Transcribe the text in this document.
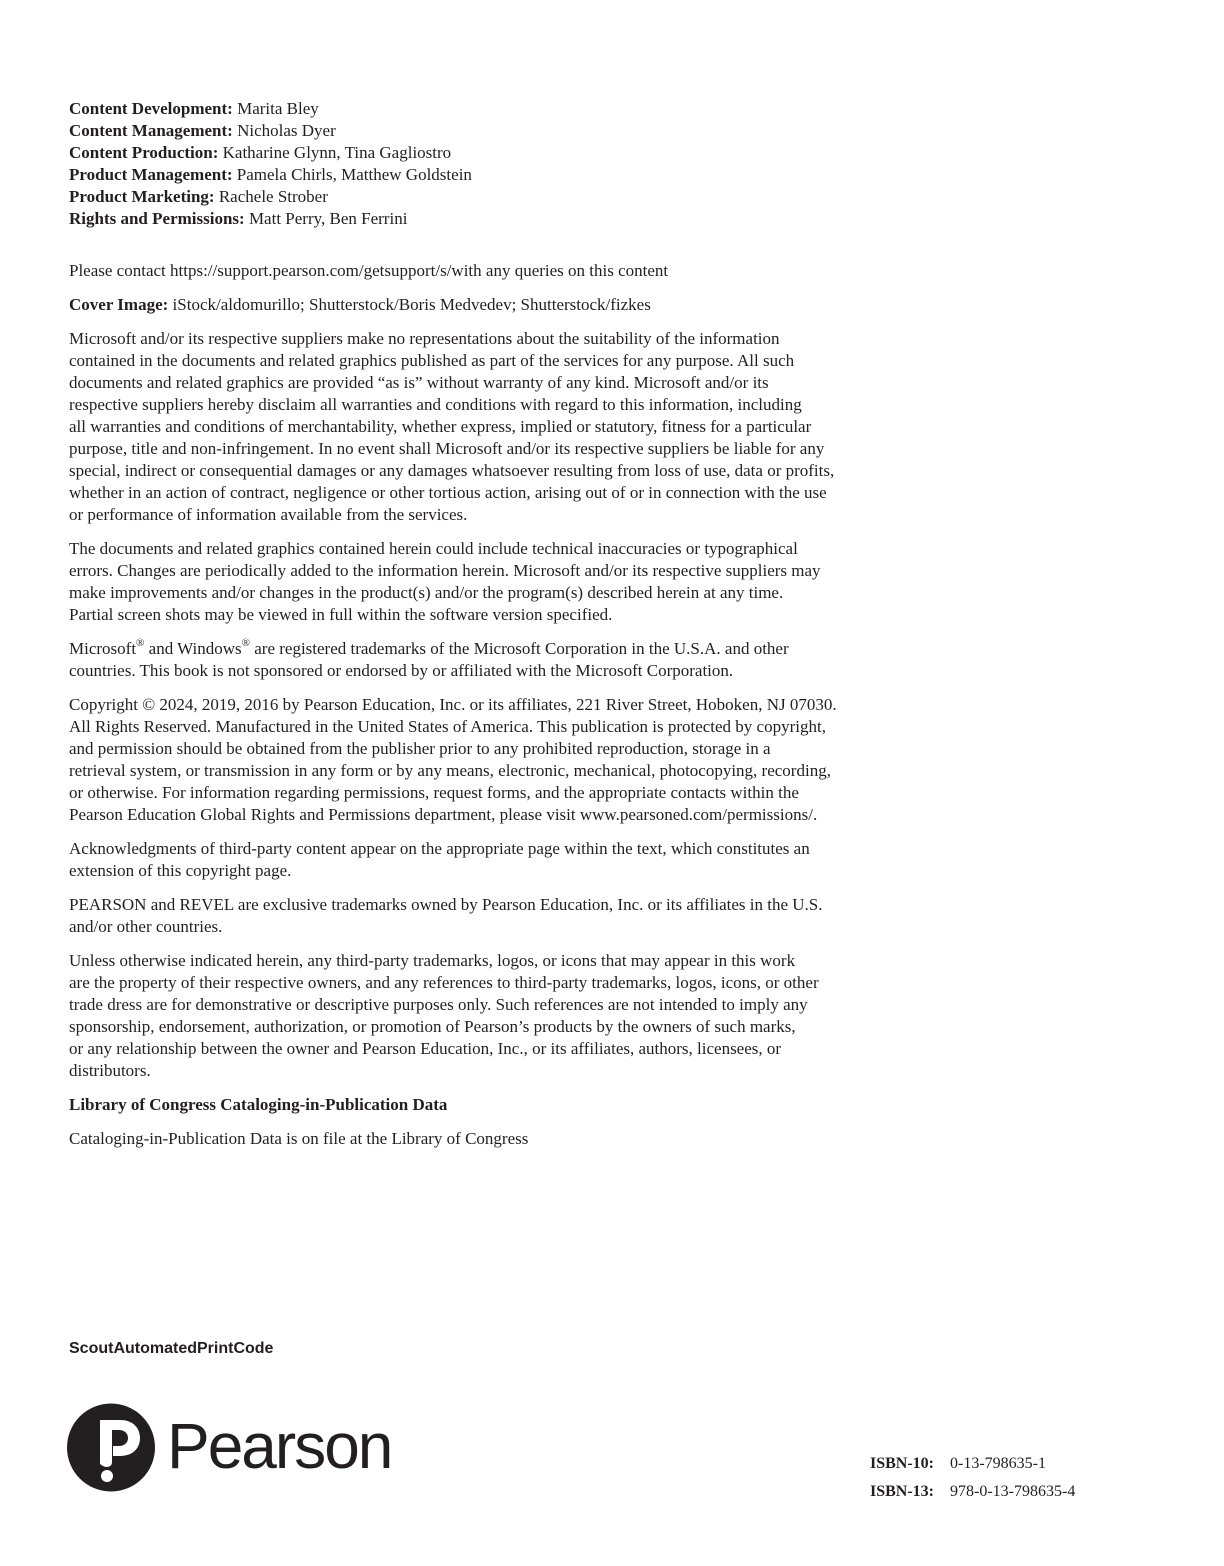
Content Development: Marita Bley
Content Management: Nicholas Dyer
Content Production: Katharine Glynn, Tina Gagliostro
Product Management: Pamela Chirls, Matthew Goldstein
Product Marketing: Rachele Strober
Rights and Permissions: Matt Perry, Ben Ferrini

Please contact https://support.pearson.com/getsupport/s/with any queries on this content

Cover Image: iStock/aldomurillo; Shutterstock/Boris Medvedev; Shutterstock/fizkes

Microsoft and/or its respective suppliers make no representations about the suitability of the information
contained in the documents and related graphics published as part of the services for any purpose. All such
documents and related graphics are provided “as is” without warranty of any kind. Microsoft and/or its
respective suppliers hereby disclaim all warranties and conditions with regard to this information, including
all warranties and conditions of merchantability, whether express, implied or statutory, fitness for a particular
purpose, title and non-infringement. In no event shall Microsoft and/or its respective suppliers be liable for any
special, indirect or consequential damages or any damages whatsoever resulting from loss of use, data or profits,
whether in an action of contract, negligence or other tortious action, arising out of or in connection with the use
or performance of information available from the services.

The documents and related graphics contained herein could include technical inaccuracies or typographical
errors. Changes are periodically added to the information herein. Microsoft and/or its respective suppliers may
make improvements and/or changes in the product(s) and/or the program(s) described herein at any time.
Partial screen shots may be viewed in full within the software version specified.

Microsoft® and Windows® are registered trademarks of the Microsoft Corporation in the U.S.A. and other
countries. This book is not sponsored or endorsed by or affiliated with the Microsoft Corporation.

Copyright © 2024, 2019, 2016 by Pearson Education, Inc. or its affiliates, 221 River Street, Hoboken, NJ 07030.
All Rights Reserved. Manufactured in the United States of America. This publication is protected by copyright,
and permission should be obtained from the publisher prior to any prohibited reproduction, storage in a
retrieval system, or transmission in any form or by any means, electronic, mechanical, photocopying, recording,
or otherwise. For information regarding permissions, request forms, and the appropriate contacts within the
Pearson Education Global Rights and Permissions department, please visit www.pearsoned.com/permissions/.

Acknowledgments of third-party content appear on the appropriate page within the text, which constitutes an
extension of this copyright page.

PEARSON and REVEL are exclusive trademarks owned by Pearson Education, Inc. or its affiliates in the U.S.
and/or other countries.

Unless otherwise indicated herein, any third-party trademarks, logos, or icons that may appear in this work
are the property of their respective owners, and any references to third-party trademarks, logos, icons, or other
trade dress are for demonstrative or descriptive purposes only. Such references are not intended to imply any
sponsorship, endorsement, authorization, or promotion of Pearson’s products by the owners of such marks,
or any relationship between the owner and Pearson Education, Inc., or its affiliates, authors, licensees, or
distributors.

Library of Congress Cataloging-in-Publication Data

Cataloging-in-Publication Data is on file at the Library of Congress

ScoutAutomatedPrintCode
Pearson	ISBN-10: 0-13-798635-1
ISBN-13: 978-0-13-798635-4
